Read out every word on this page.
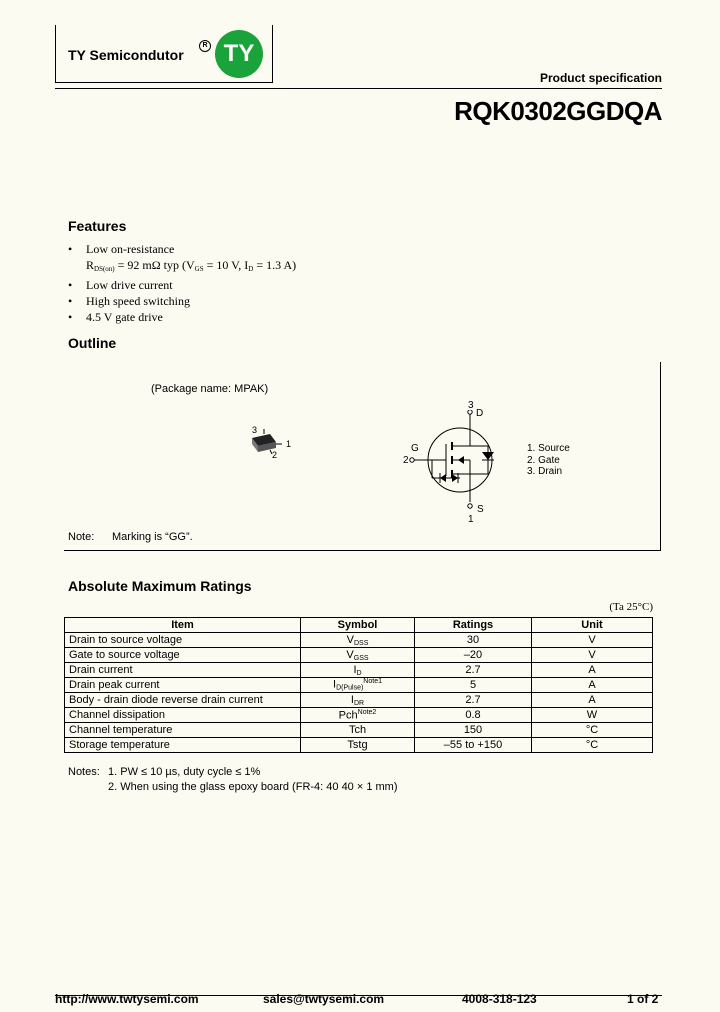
TY Semicondutor
R TY
Product specification
RQK0302GGDQA
Features
• Low on-resistance
$R_{DS(on)} = 92$ mΩ typ ($V_{GS} = 10$ V, $I_D = 1.3$ A)
• Low drive current
• High speed switching
• 4.5 V gate drive
Outline
(Package name: MPAK)
3
1
2
3
D
G
2
S
1
1. Source
2. Gate
3. Drain
Note: Marking is “GG”.
Absolute Maximum Ratings
(Ta 25°C)
Item	Symbol	Ratings	Unit
Drain to source voltage	$V_{DSS}$	30	V
Gate to source voltage	$V_{GSS}$	–20	V
Drain current	$I_D$	2.7	A
Drain peak current	$I_{D(Pulse)}^{Note1}$	5	A
Body - drain diode reverse drain current	$I_{DR}$	2.7	A
Channel dissipation	Pch$^{Note2}$	0.8	W
Channel temperature	Tch	150	°C
Storage temperature	Tstg	–55 to +150	°C
Notes: 1. PW ≤ 10 µs, duty cycle ≤ 1%
2. When using the glass epoxy board (FR-4: 40 40 × 1 mm)
http://www.twtysemi.com	sales@twtysemi.com	4008-318-123	1 of 2
